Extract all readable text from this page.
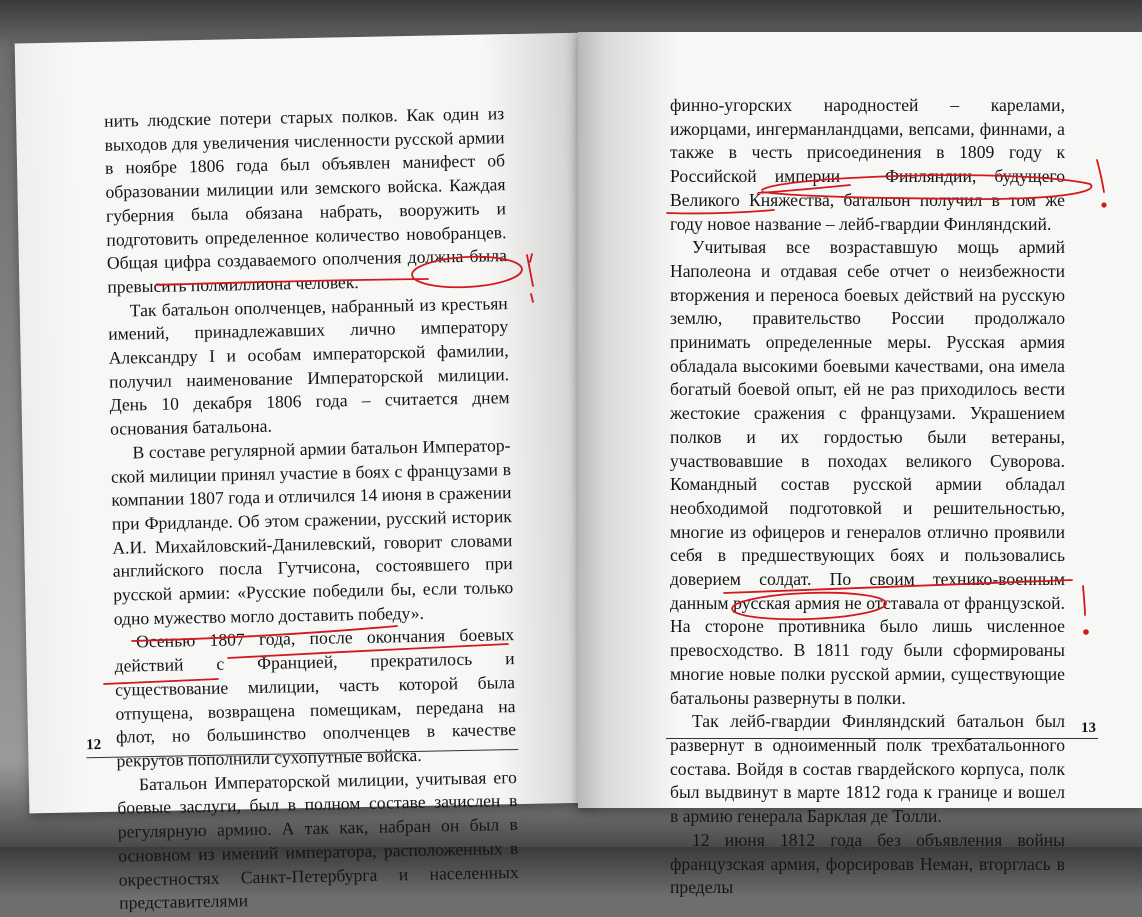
нить людские потери старых полков. Как один из выходов для увеличения численности русской армии в ноябре 1806 года был объявлен манифест об образовании милиции или земского войска. Каждая губерния была обязана набрать, вооружить и подготовить определенное количество новобранцев. Общая цифра создаваемого ополчения должна была превысить полмиллиона человек.

Так батальон ополченцев, набранный из крестьян имений, принадлежавших лично императору Александру I и особам императорской фамилии, получил наименование Императорской милиции. День 10 декабря 1806 года – считается днем основания батальона.

В составе регулярной армии батальон Императорской милиции принял участие в боях с французами в компании 1807 года и отличился 14 июня в сражении при Фридланде. Об этом сражении, русский историк А.И. Михайловский-Данилевский, говорит словами английского посла Гутчисона, состоявшего при русской армии: «Русские победили бы, если только одно мужество могло доставить победу».

Осенью 1807 года, после окончания боевых действий с Францией, прекратилось и существование милиции, часть которой была отпущена, возвращена помещикам, передана на флот, но большинство ополченцев в качестве рекрутов пополнили сухопутные войска.

Батальон Императорской милиции, учитывая его боевые заслуги, был в полном составе зачислен в регулярную армию. А так как, набран он был в основном из имений императора, расположенных в окрестностях Санкт-Петербурга и населенных представителями

12

финно-угорских народностей – карелами, ижорцами, ингерманландцами, вепсами, финнами, а также в честь присоединения в 1809 году к Российской империи – Финляндии, будущего Великого Княжества, батальон получил в том же году новое название – лейб-гвардии Финляндский.

Учитывая все возраставшую мощь армий Наполеона и отдавая себе отчет о неизбежности вторжения и переноса боевых действий на русскую землю, правительство России продолжало принимать определенные меры. Русская армия обладала высокими боевыми качествами, она имела богатый боевой опыт, ей не раз приходилось вести жестокие сражения с французами. Украшением полков и их гордостью были ветераны, участвовавшие в походах великого Суворова. Командный состав русской армии обладал необходимой подготовкой и решительностью, многие из офицеров и генералов отлично проявили себя в предшествующих боях и пользовались доверием солдат. По своим технико-военным данным русская армия не отставала от французской. На стороне противника было лишь численное превосходство. В 1811 году были сформированы многие новые полки русской армии, существующие батальоны развернуты в полки.

Так лейб-гвардии Финляндский батальон был развернут в одноименный полк трехбатальонного состава. Войдя в состав гвардейского корпуса, полк был выдвинут в марте 1812 года к границе и вошел в армию генерала Барклая де Толли.

12 июня 1812 года без объявления войны французская армия, форсировав Неман, вторглась в пределы

13
